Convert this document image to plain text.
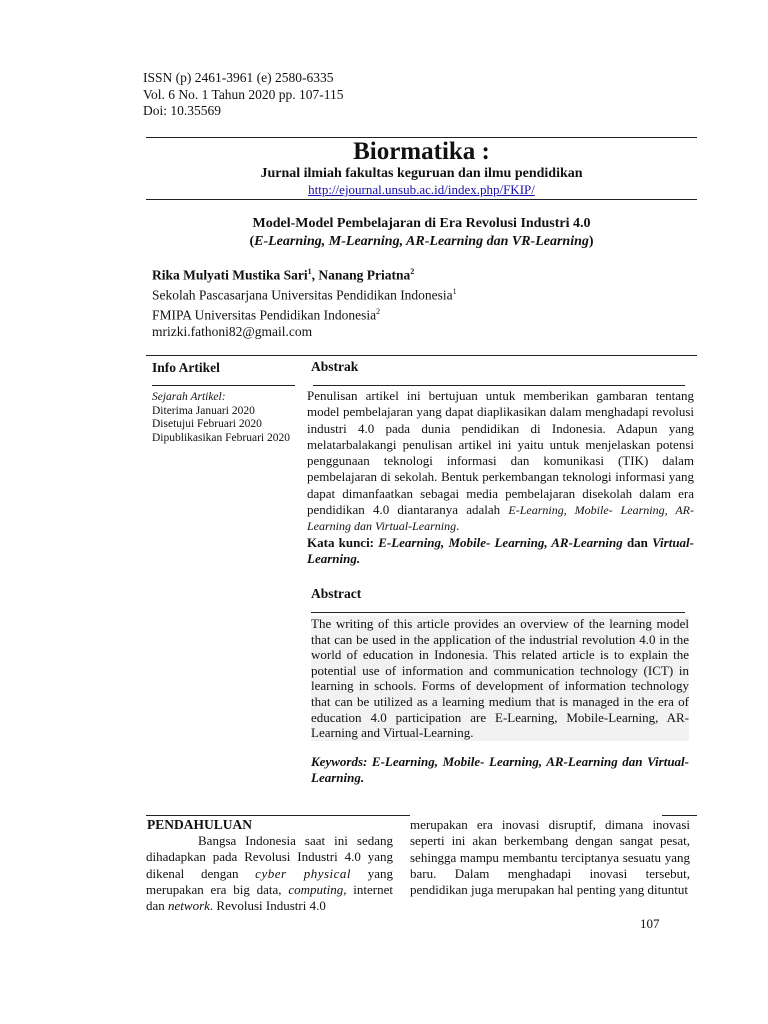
ISSN (p) 2461-3961 (e) 2580-6335
Vol. 6 No. 1 Tahun 2020 pp. 107-115
Doi: 10.35569
Biormatika :
Jurnal ilmiah fakultas keguruan dan ilmu pendidikan
http://ejournal.unsub.ac.id/index.php/FKIP/
Model-Model Pembelajaran di Era Revolusi Industri 4.0
(E-Learning, M-Learning, AR-Learning dan VR-Learning)
Rika Mulyati Mustika Sari$^1$, Nanang Priatna$^2$
Sekolah Pascasarjana Universitas Pendidikan Indonesia$^1$
FMIPA Universitas Pendidikan Indonesia$^2$
mrizki.fathoni82@gmail.com
Info Artikel	Abstrak
Sejarah Artikel:
Diterima Januari 2020
Disetujui Februari 2020
Dipublikasikan Februari 2020
Penulisan artikel ini bertujuan untuk memberikan gambaran tentang model pembelajaran yang dapat diaplikasikan dalam menghadapi revolusi industri 4.0 pada dunia pendidikan di Indonesia. Adapun yang melatarbalakangi penulisan artikel ini yaitu untuk menjelaskan potensi penggunaan teknologi informasi dan komunikasi (TIK) dalam pembelajaran di sekolah. Bentuk perkembangan teknologi informasi yang dapat dimanfaatkan sebagai media pembelajaran disekolah dalam era pendidikan 4.0 diantaranya adalah E-Learning, Mobile- Learning, AR-Learning dan Virtual-Learning.
Kata kunci: E-Learning, Mobile- Learning, AR-Learning dan Virtual-Learning.
Abstract
The writing of this article provides an overview of the learning model that can be used in the application of the industrial revolution 4.0 in the world of education in Indonesia. This related article is to explain the potential use of information and communication technology (ICT) in learning in schools. Forms of development of information technology that can be utilized as a learning medium that is managed in the era of education 4.0 participation are E-Learning, Mobile-Learning, AR-Learning and Virtual-Learning.
Keywords: E-Learning, Mobile- Learning, AR-Learning dan Virtual-Learning.
PENDAHULUAN
Bangsa Indonesia saat ini sedang dihadapkan pada Revolusi Industri 4.0 yang dikenal dengan cyber physical yang merupakan era big data, computing, internet dan network. Revolusi Industri 4.0
merupakan era inovasi disruptif, dimana inovasi seperti ini akan berkembang dengan sangat pesat, sehingga mampu membantu terciptanya sesuatu yang baru. Dalam menghadapi inovasi tersebut, pendidikan juga merupakan hal penting yang dituntut
107
